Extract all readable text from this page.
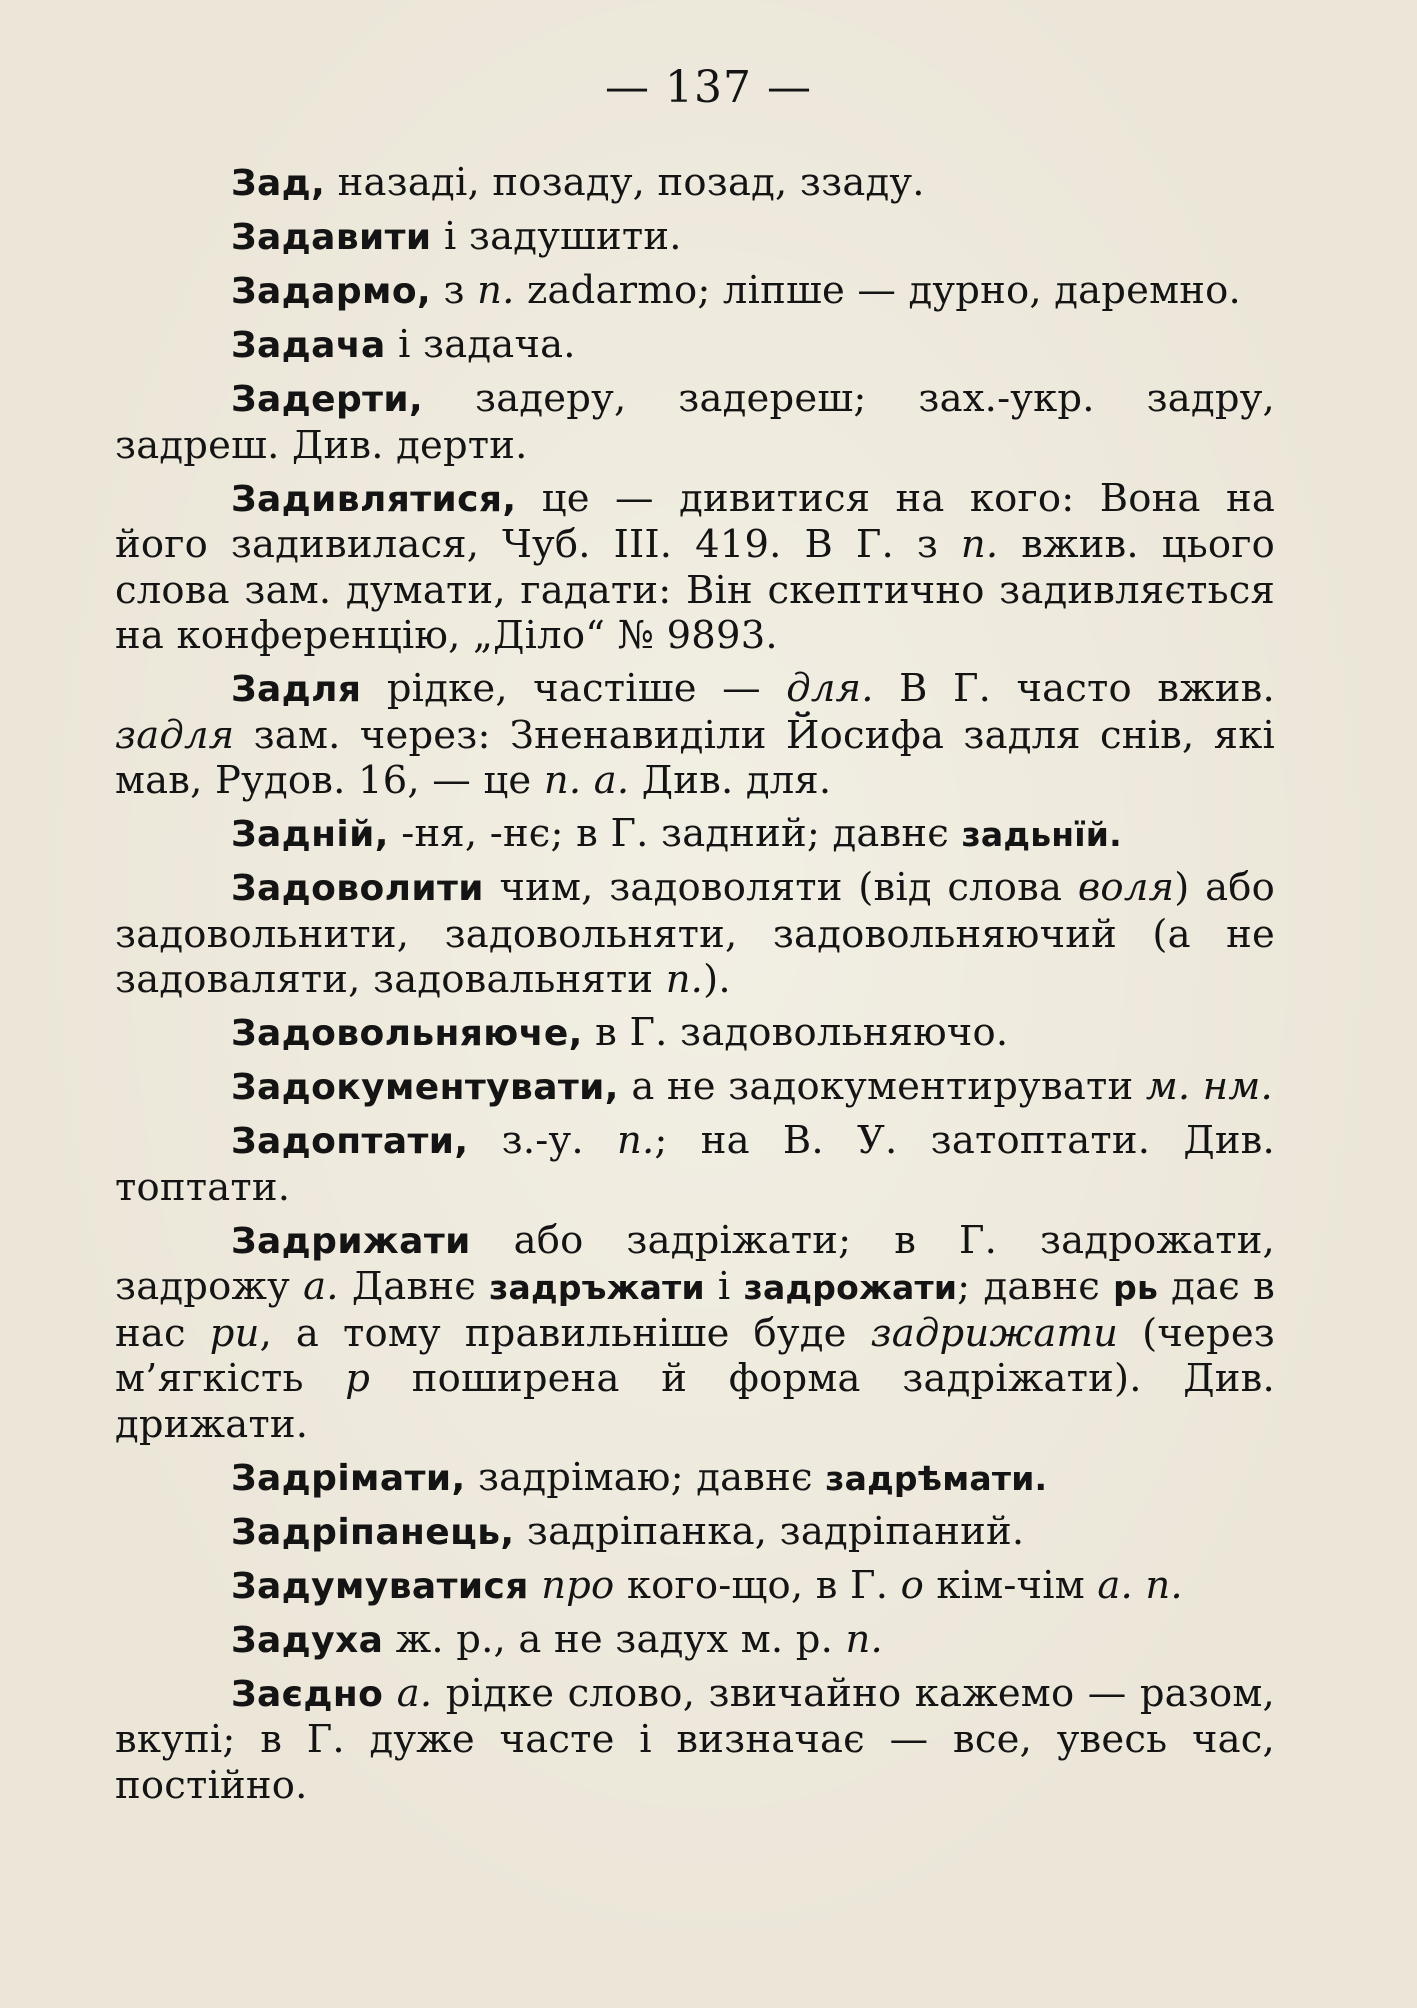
— 137 —

Зад, назаді, позаду, позад, ззаду.

Задавити і задушити.

Задармо, з п. zadarmo; ліпше — дурно, даремно.

Задача і задача.

Задерти, задеру, задереш; зах.-укр. задру, задреш. Див. дерти.

Задивлятися, це — дивитися на кого: Вона на його задивилася, Чуб. III. 419. В Г. з п. вжив. цього слова зам. думати, гадати: Він скептично задивляється на конференцію, „Діло“ № 9893.

Задля рідке, частіше — для. В Г. часто вжив. задля зам. через: Зненавиділи Йосифа задля снів, які мав, Рудов. 16, — це п. а. Див. для.

Задній, -ня, -нє; в Г. задний; давнє задьнїй.

Задоволити чим, задоволяти (від слова воля) або задовольнити, задовольняти, задовольняючий (а не задоваляти, задовальняти п.).

Задовольняюче, в Г. задовольняючо.

Задокументувати, а не задокументирувати м. нм.

Задоптати, з.-у. п.; на В. У. затоптати. Див. топтати.

Задрижати або задріжати; в Г. задрожати, задрожу а. Давнє задръжати і задрожати; давнє рь дає в нас ри, а тому правильніше буде задрижати (через м’ягкість р поширена й форма задріжати). Див. дрижати.

Задрімати, задрімаю; давнє задрѣмати.

Задріпанець, задріпанка, задріпаний.

Задумуватися про кого-що, в Г. о кім-чім а. п.

Задуха ж. р., а не задух м. р. п.

Заєдно а. рідке слово, звичайно кажемо — разом, вкупі; в Г. дуже часте і визначає — все, увесь час, постійно.
